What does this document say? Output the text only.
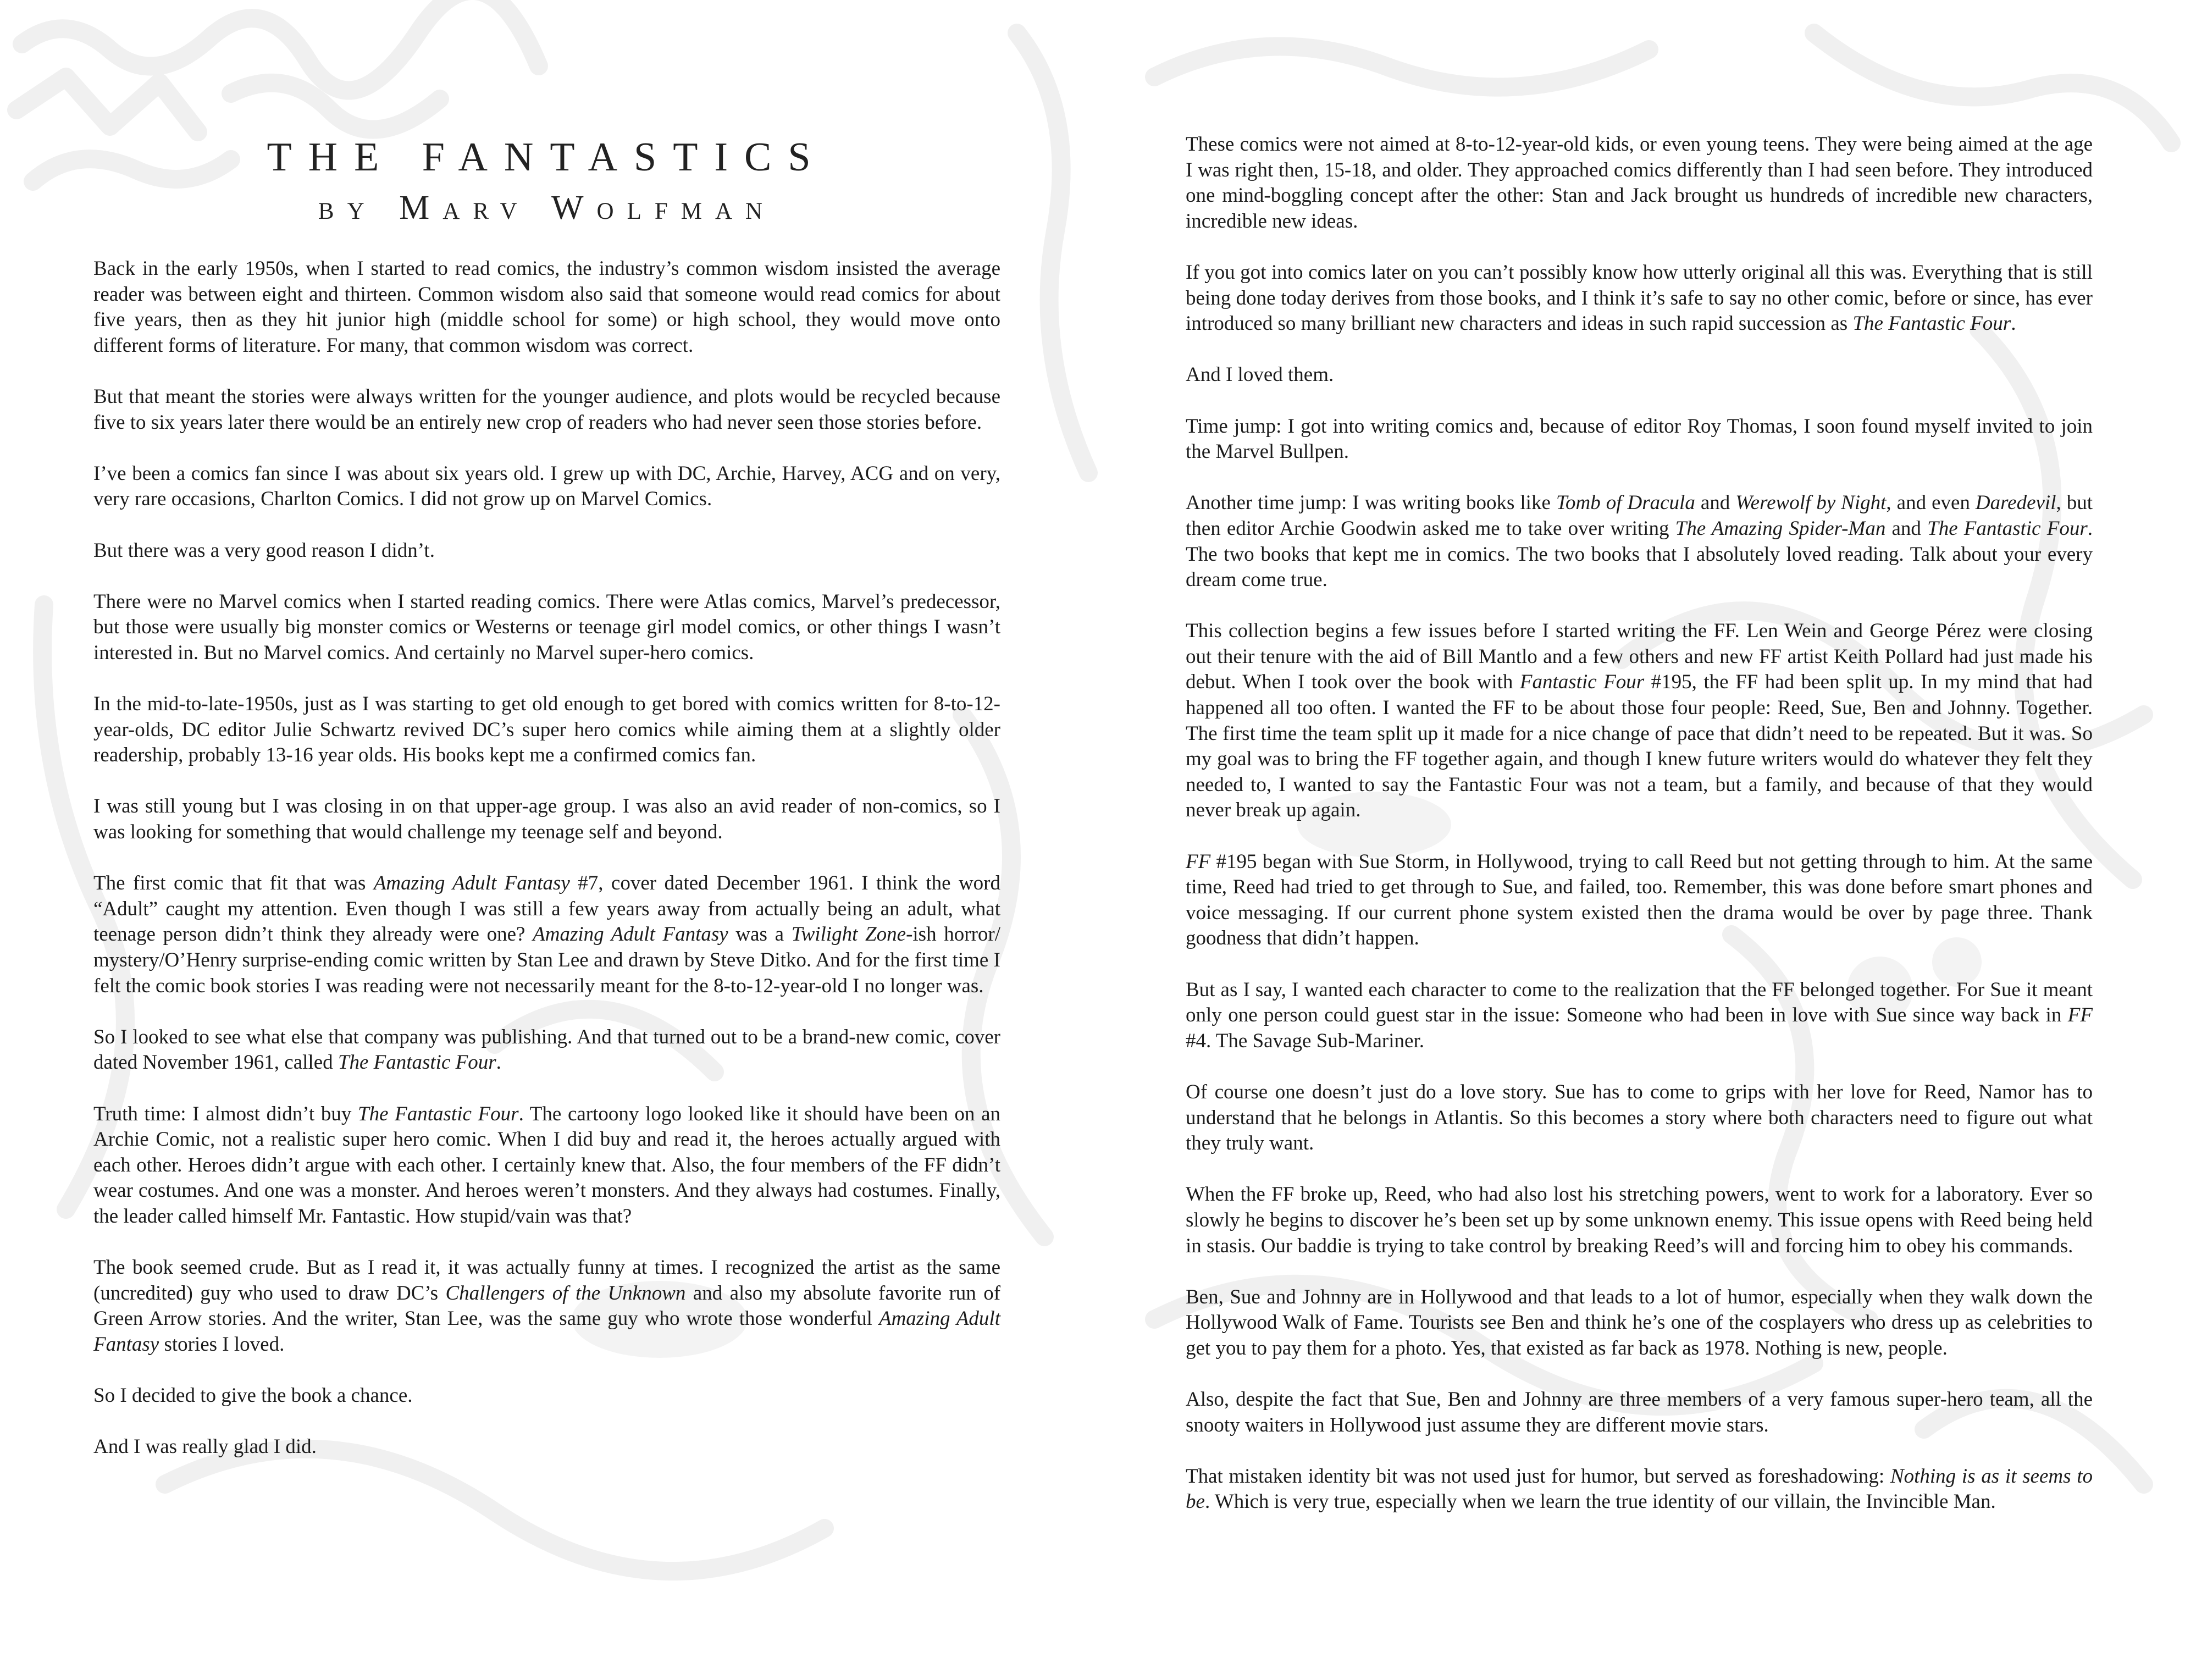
THE FANTASTICS
by Marv Wolfman

Back in the early 1950s, when I started to read comics, the industry’s common wisdom insisted the average reader was between eight and thirteen. Common wisdom also said that someone would read comics for about five years, then as they hit junior high (middle school for some) or high school, they would move onto different forms of literature. For many, that common wisdom was correct.

But that meant the stories were always written for the younger audience, and plots would be recycled because five to six years later there would be an entirely new crop of readers who had never seen those stories before.

I’ve been a comics fan since I was about six years old. I grew up with DC, Archie, Harvey, ACG and on very, very rare occasions, Charlton Comics. I did not grow up on Marvel Comics.

But there was a very good reason I didn’t.

There were no Marvel comics when I started reading comics. There were Atlas comics, Marvel’s predecessor, but those were usually big monster comics or Westerns or teenage girl model comics, or other things I wasn’t interested in. But no Marvel comics. And certainly no Marvel super-hero comics.

In the mid-to-late-1950s, just as I was starting to get old enough to get bored with comics written for 8-to-12-year-olds, DC editor Julie Schwartz revived DC’s super hero comics while aiming them at a slightly older readership, probably 13-16 year olds. His books kept me a confirmed comics fan.

I was still young but I was closing in on that upper-age group. I was also an avid reader of non-comics, so I was looking for something that would challenge my teenage self and beyond.

The first comic that fit that was Amazing Adult Fantasy #7, cover dated December 1961. I think the word “Adult” caught my attention. Even though I was still a few years away from actually being an adult, what teenage person didn’t think they already were one? Amazing Adult Fantasy was a Twilight Zone-ish horror/ mystery/O’Henry surprise-ending comic written by Stan Lee and drawn by Steve Ditko. And for the first time I felt the comic book stories I was reading were not necessarily meant for the 8-to-12-year-old I no longer was.

So I looked to see what else that company was publishing. And that turned out to be a brand-new comic, cover dated November 1961, called The Fantastic Four.

Truth time: I almost didn’t buy The Fantastic Four. The cartoony logo looked like it should have been on an Archie Comic, not a realistic super hero comic. When I did buy and read it, the heroes actually argued with each other. Heroes didn’t argue with each other. I certainly knew that. Also, the four members of the FF didn’t wear costumes. And one was a monster. And heroes weren’t monsters. And they always had costumes. Finally, the leader called himself Mr. Fantastic. How stupid/vain was that?

The book seemed crude. But as I read it, it was actually funny at times. I recognized the artist as the same (uncredited) guy who used to draw DC’s Challengers of the Unknown and also my absolute favorite run of Green Arrow stories. And the writer, Stan Lee, was the same guy who wrote those wonderful Amazing Adult Fantasy stories I loved.

So I decided to give the book a chance.

And I was really glad I did.

These comics were not aimed at 8-to-12-year-old kids, or even young teens. They were being aimed at the age I was right then, 15-18, and older. They approached comics differently than I had seen before. They introduced one mind-boggling concept after the other: Stan and Jack brought us hundreds of incredible new characters, incredible new ideas.

If you got into comics later on you can’t possibly know how utterly original all this was. Everything that is still being done today derives from those books, and I think it’s safe to say no other comic, before or since, has ever introduced so many brilliant new characters and ideas in such rapid succession as The Fantastic Four.

And I loved them.

Time jump: I got into writing comics and, because of editor Roy Thomas, I soon found myself invited to join the Marvel Bullpen.

Another time jump: I was writing books like Tomb of Dracula and Werewolf by Night, and even Daredevil, but then editor Archie Goodwin asked me to take over writing The Amazing Spider-Man and The Fantastic Four. The two books that kept me in comics. The two books that I absolutely loved reading. Talk about your every dream come true.

This collection begins a few issues before I started writing the FF. Len Wein and George Pérez were closing out their tenure with the aid of Bill Mantlo and a few others and new FF artist Keith Pollard had just made his debut. When I took over the book with Fantastic Four #195, the FF had been split up. In my mind that had happened all too often. I wanted the FF to be about those four people: Reed, Sue, Ben and Johnny. Together. The first time the team split up it made for a nice change of pace that didn’t need to be repeated. But it was. So my goal was to bring the FF together again, and though I knew future writers would do whatever they felt they needed to, I wanted to say the Fantastic Four was not a team, but a family, and because of that they would never break up again.

FF #195 began with Sue Storm, in Hollywood, trying to call Reed but not getting through to him. At the same time, Reed had tried to get through to Sue, and failed, too. Remember, this was done before smart phones and voice messaging. If our current phone system existed then the drama would be over by page three. Thank goodness that didn’t happen.

But as I say, I wanted each character to come to the realization that the FF belonged together. For Sue it meant only one person could guest star in the issue: Someone who had been in love with Sue since way back in FF #4. The Savage Sub-Mariner.

Of course one doesn’t just do a love story. Sue has to come to grips with her love for Reed, Namor has to understand that he belongs in Atlantis. So this becomes a story where both characters need to figure out what they truly want.

When the FF broke up, Reed, who had also lost his stretching powers, went to work for a laboratory. Ever so slowly he begins to discover he’s been set up by some unknown enemy. This issue opens with Reed being held in stasis. Our baddie is trying to take control by breaking Reed’s will and forcing him to obey his commands.

Ben, Sue and Johnny are in Hollywood and that leads to a lot of humor, especially when they walk down the Hollywood Walk of Fame. Tourists see Ben and think he’s one of the cosplayers who dress up as celebrities to get you to pay them for a photo. Yes, that existed as far back as 1978. Nothing is new, people.

Also, despite the fact that Sue, Ben and Johnny are three members of a very famous super-hero team, all the snooty waiters in Hollywood just assume they are different movie stars.

That mistaken identity bit was not used just for humor, but served as foreshadowing: Nothing is as it seems to be. Which is very true, especially when we learn the true identity of our villain, the Invincible Man.
